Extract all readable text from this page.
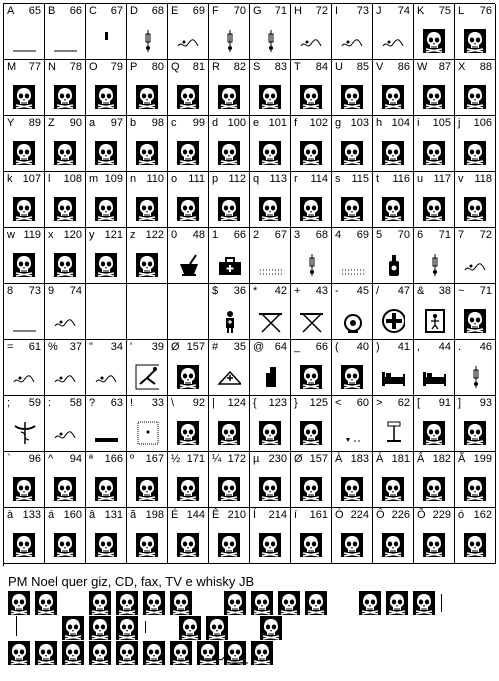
A 65 B 66 C 67 D 68 E 69 F 70 G 71 H 72 I 73 J 74 K 75 L 76
M 77 N 78 O 79 P 80 Q 81 R 82 S 83 T 84 U 85 V 86 W 87 X 88
Y 89 Z 90 a 97 b 98 c 99 d 100 e 101 f 102 g 103 h 104 i 105 j 106
k 107 l 108 m 109 n 110 o 111 p 112 q 113 r 114 s 115 t 116 u 117 v 118
w 119 x 120 y 121 z 122 0 48 1 66 2 67 3 68 4 69 5 70 6 71 7 72
8 73 9 74	$ 36 * 42 + 43 - 45 / 47 & 38 ~ 71
= 61 % 37 " 34 ' 39 Ø 157 # 35 @ 64 _ 66 ( 40 ) 41 , 44 . 46
; 59 : 58 ? 63 ! 33 \ 92 | 124 { 123 } 125 < 60 > 62 [ 91 ] 93
` 96 ^ 94 ª 166 º 167 ½ 171 ¼ 172 µ 230 Ø 157 À 183 Á 181 Â 182 Ã 199
à 133 á 160 â 131 ã 198 É 144 Ê 210 Í 214 í 161 Ó 224 Ô 226 Õ 229 ó 162
PM Noel quer giz, CD, fax, TV e whisky JB
